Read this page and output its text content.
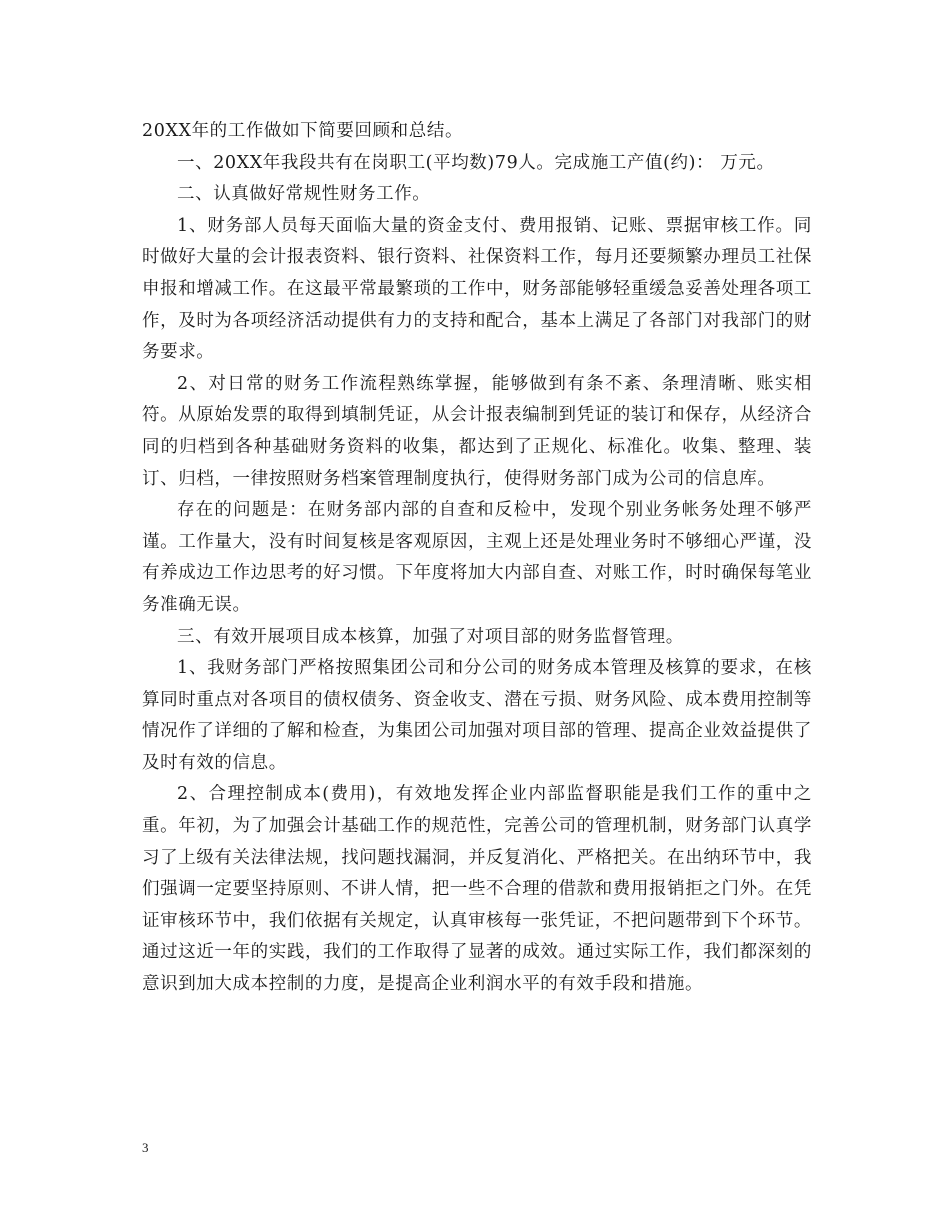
20XX年的工作做如下简要回顾和总结。

一、20XX年我段共有在岗职工(平均数)79人。完成施工产值(约)： 万元。

二、认真做好常规性财务工作。

1、财务部人员每天面临大量的资金支付、费用报销、记账、票据审核工作。同时做好大量的会计报表资料、银行资料、社保资料工作，每月还要频繁办理员工社保申报和增减工作。在这最平常最繁琐的工作中，财务部能够轻重缓急妥善处理各项工作，及时为各项经济活动提供有力的支持和配合，基本上满足了各部门对我部门的财务要求。

2、对日常的财务工作流程熟练掌握，能够做到有条不紊、条理清晰、账实相符。从原始发票的取得到填制凭证，从会计报表编制到凭证的装订和保存，从经济合同的归档到各种基础财务资料的收集，都达到了正规化、标准化。收集、整理、装订、归档，一律按照财务档案管理制度执行，使得财务部门成为公司的信息库。

存在的问题是：在财务部内部的自查和反检中，发现个别业务帐务处理不够严谨。工作量大，没有时间复核是客观原因，主观上还是处理业务时不够细心严谨，没有养成边工作边思考的好习惯。下年度将加大内部自查、对账工作，时时确保每笔业务准确无误。

三、有效开展项目成本核算，加强了对项目部的财务监督管理。

1、我财务部门严格按照集团公司和分公司的财务成本管理及核算的要求，在核算同时重点对各项目的债权债务、资金收支、潜在亏损、财务风险、成本费用控制等情况作了详细的了解和检查，为集团公司加强对项目部的管理、提高企业效益提供了及时有效的信息。

2、合理控制成本(费用)，有效地发挥企业内部监督职能是我们工作的重中之重。年初，为了加强会计基础工作的规范性，完善公司的管理机制，财务部门认真学习了上级有关法律法规，找问题找漏洞，并反复消化、严格把关。在出纳环节中，我们强调一定要坚持原则、不讲人情，把一些不合理的借款和费用报销拒之门外。在凭证审核环节中，我们依据有关规定，认真审核每一张凭证，不把问题带到下个环节。通过这近一年的实践，我们的工作取得了显著的成效。通过实际工作，我们都深刻的意识到加大成本控制的力度，是提高企业利润水平的有效手段和措施。

3
